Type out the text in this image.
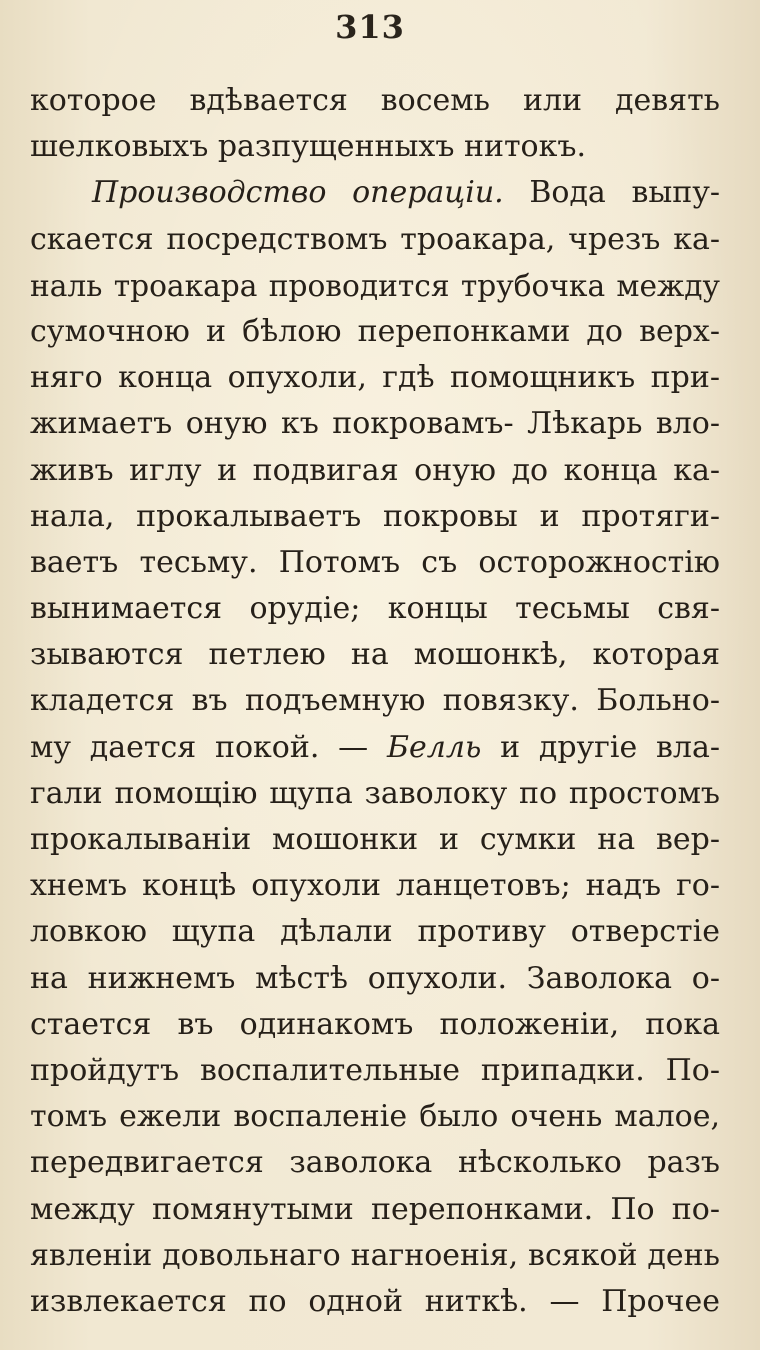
313
которое вдѣвается восемь или девять
шелковыхъ разпущенныхъ нитокъ.
Производство операціи. Вода выпу-
скается посредствомъ троакара, чрезъ ка-
наль троакара проводится трубочка между
сумочною и бѣлою перепонками до верх-
няго конца опухоли, гдѣ помощникъ при-
жимаетъ оную къ покровамъ- Лѣкарь вло-
живъ иглу и подвигая оную до конца ка-
нала, прокалываетъ покровы и протяги-
ваетъ тесьму. Потомъ съ осторожностію
вынимается орудіе; концы тесьмы свя-
зываются петлею на мошонкѣ, которая
кладется въ подъемную повязку. Больно-
му дается покой. — Белль и другіе вла-
гали помощію щупа заволоку по простомъ
прокалываніи мошонки и сумки на вер-
хнемъ концѣ опухоли ланцетовъ; надъ го-
ловкою щупа дѣлали противу отверстіе
на нижнемъ мѣстѣ опухоли. Заволока о-
стается въ одинакомъ положеніи, пока
пройдутъ воспалительные припадки. По-
томъ ежели воспаленіе было очень малое,
передвигается заволока нѣсколько разъ
между помянутыми перепонками. По по-
явленіи довольнаго нагноенія, всякой день
извлекается по одной ниткѣ. — Прочее
